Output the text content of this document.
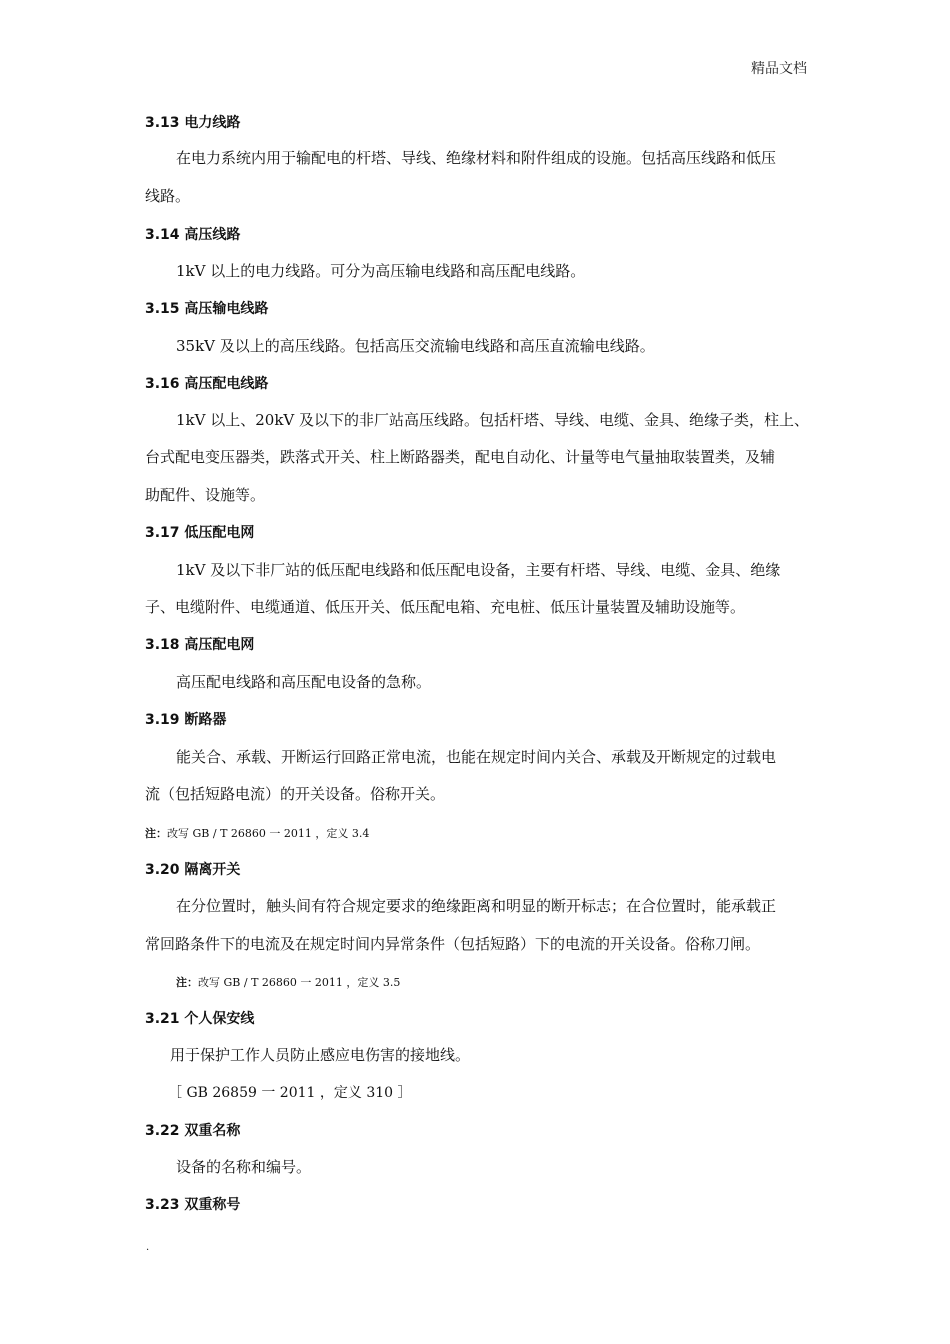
精品文档
3.13 电力线路
在电力系统内用于输配电的杆塔、导线、绝缘材料和附件组成的设施。包括高压线路和低压
线路。
3.14 高压线路
1kV 以上的电力线路。可分为高压输电线路和高压配电线路。
3.15 高压输电线路
35kV 及以上的高压线路。包括高压交流输电线路和高压直流输电线路。
3.16 高压配电线路
1kV 以上、20kV 及以下的非厂站高压线路。包括杆塔、导线、电缆、金具、绝缘子类，柱上、
台式配电变压器类，跌落式开关、柱上断路器类，配电自动化、计量等电气量抽取装置类，及辅
助配件、设施等。
3.17 低压配电网
1kV 及以下非厂站的低压配电线路和低压配电设备，主要有杆塔、导线、电缆、金具、绝缘
子、电缆附件、电缆通道、低压开关、低压配电箱、充电桩、低压计量装置及辅助设施等。
3.18 高压配电网
高压配电线路和高压配电设备的急称。
3.19 断路器
能关合、承载、开断运行回路正常电流，也能在规定时间内关合、承载及开断规定的过载电
流（包括短路电流）的开关设备。俗称开关。
注：改写 GB / T 26860 一 2011 ，定义 3.4
3.20 隔离开关
在分位置时，触头间有符合规定要求的绝缘距离和明显的断开标志；在合位置时，能承载正
常回路条件下的电流及在规定时间内异常条件（包括短路）下的电流的开关设备。俗称刀闸。
注：改写 GB / T 26860 一 2011 ，定义 3.5
3.21 个人保安线
用于保护工作人员防止感应电伤害的接地线。
［ GB 26859 一 2011 ，定义 310 ］
3.22 双重名称
设备的名称和编号。
3.23 双重称号
.
